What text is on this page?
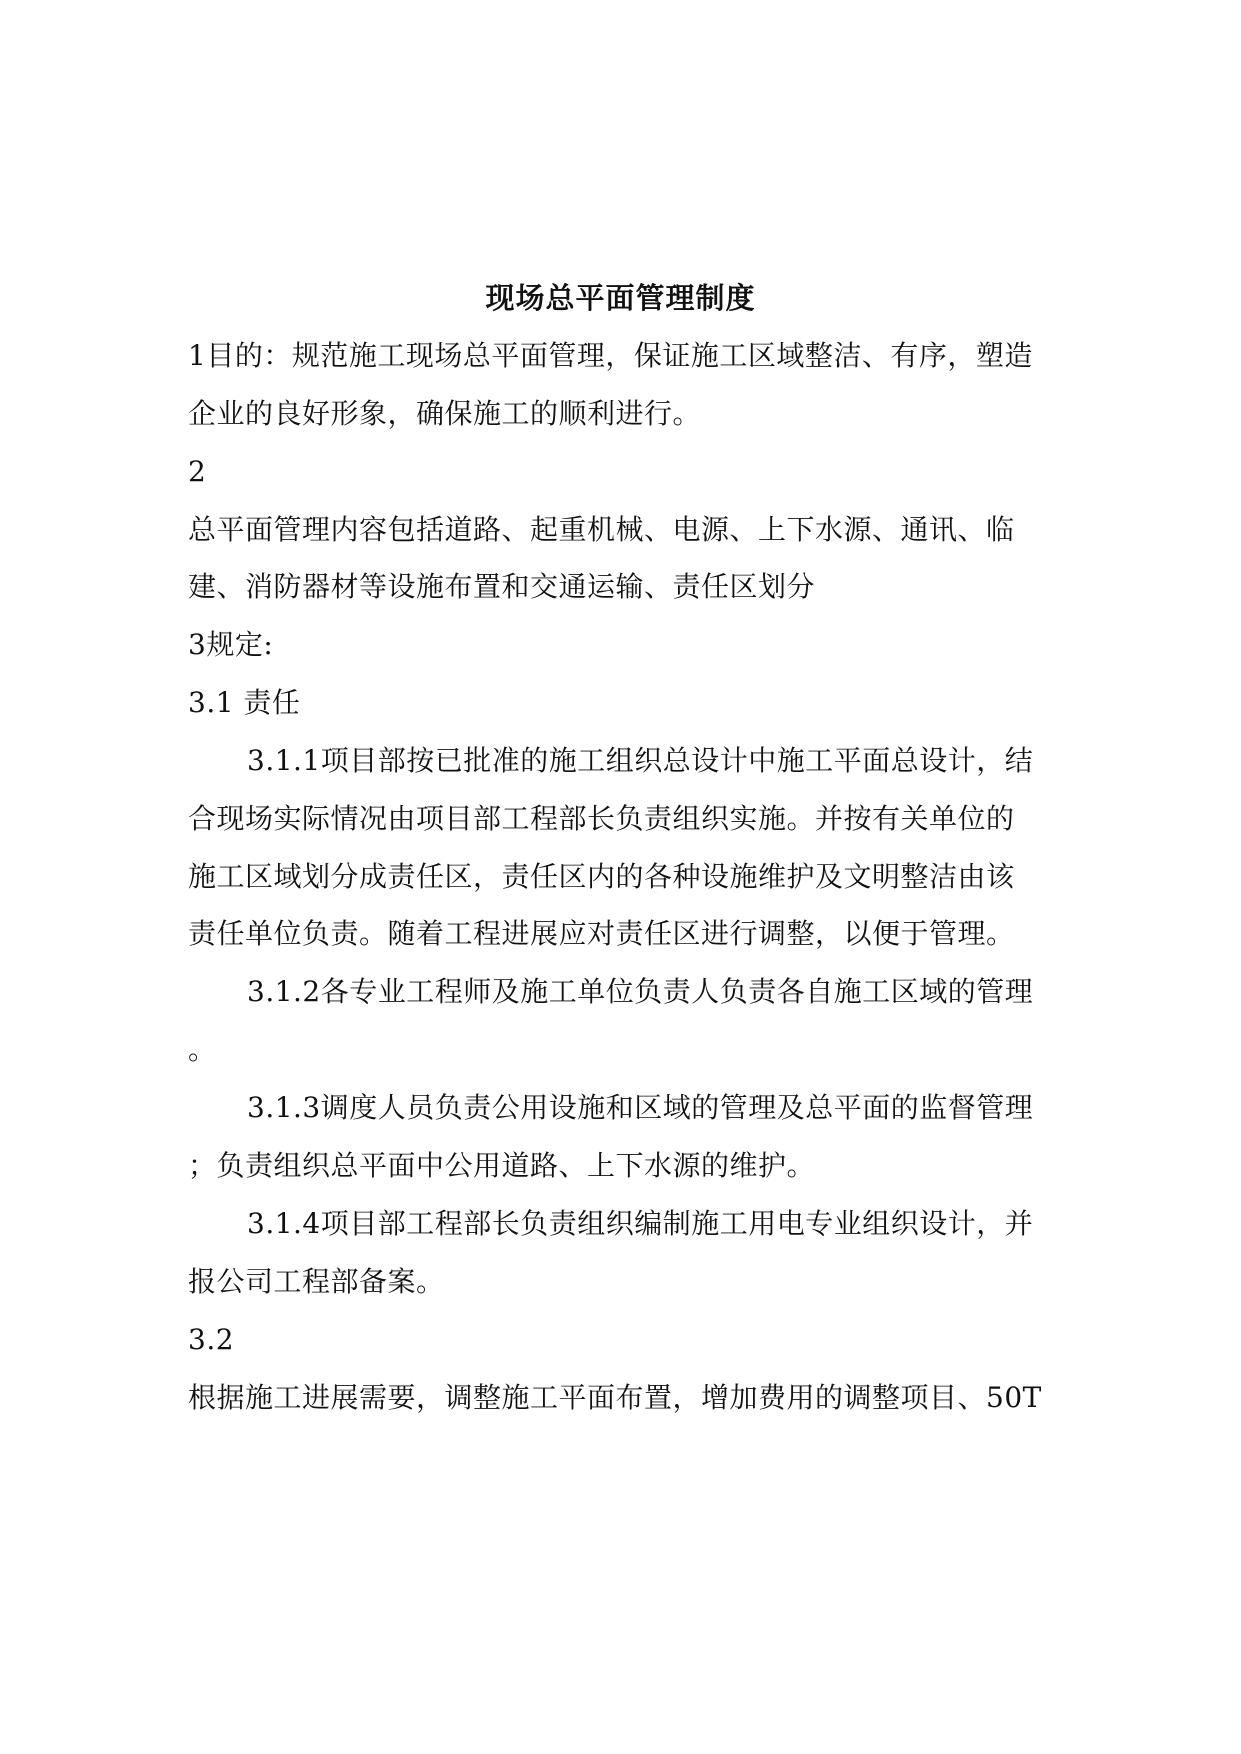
现场总平面管理制度
1目的：规范施工现场总平面管理，保证施工区域整洁、有序，塑造
企业的良好形象，确保施工的顺利进行。
2
总平面管理内容包括道路、起重机械、电源、上下水源、通讯、临
建、消防器材等设施布置和交通运输、责任区划分
3规定:
3.1 责任
3.1.1项目部按已批准的施工组织总设计中施工平面总设计，结
合现场实际情况由项目部工程部长负责组织实施。并按有关单位的
施工区域划分成责任区，责任区内的各种设施维护及文明整洁由该
责任单位负责。随着工程进展应对责任区进行调整，以便于管理。
3.1.2各专业工程师及施工单位负责人负责各自施工区域的管理
。
3.1.3调度人员负责公用设施和区域的管理及总平面的监督管理
；负责组织总平面中公用道路、上下水源的维护。
3.1.4项目部工程部长负责组织编制施工用电专业组织设计，并
报公司工程部备案。
3.2
根据施工进展需要，调整施工平面布置，增加费用的调整项目、50T
